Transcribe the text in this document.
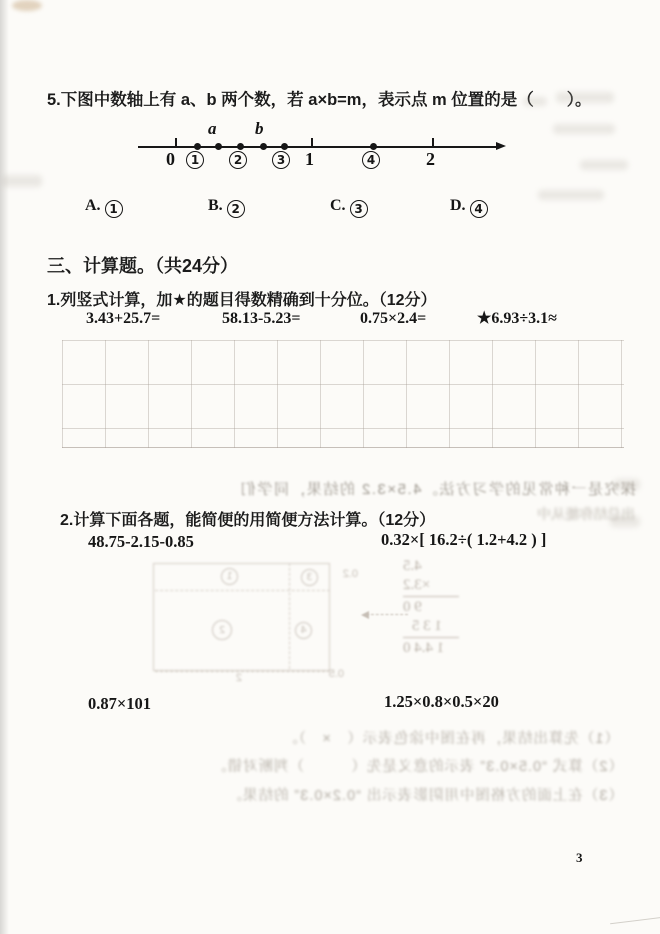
5.下图中数轴上有 a、b 两个数，若 a×b=m，表示点 m 位置的是（　　）。
a b
0	1	2
1	2	3	4
A. 1	B. 2	C. 3	D. 4
三、计算题。（共24分）
1.列竖式计算，加★的题目得数精确到十分位。（12分）
3.43+25.7=	58.13-5.23=	0.75×2.4=	★6.93÷3.1≈
探究是一种常见的学习方法。4.5×3.2 的结果，同学们
2.计算下面各题，能简便的用简便方法计算。（12分）	出总结你能从中
48.75-2.15-0.85	0.32×[ 16.2÷( 1.2+4.2 ) ]
3
1
4
2
0.2
0.5
2
4.5
×3.2
9 0
1 3 5
1 4.4 0
0.87×101	1.25×0.8×0.5×20
（1）先算出结果，再在图中涂色表示（　×　）。
（2）算式 “0.5×0.3” 表示的意义是先（　　　）判断对错。
（3）在上面的方格图中用阴影表示出 “0.2×0.3” 的结果。
3
